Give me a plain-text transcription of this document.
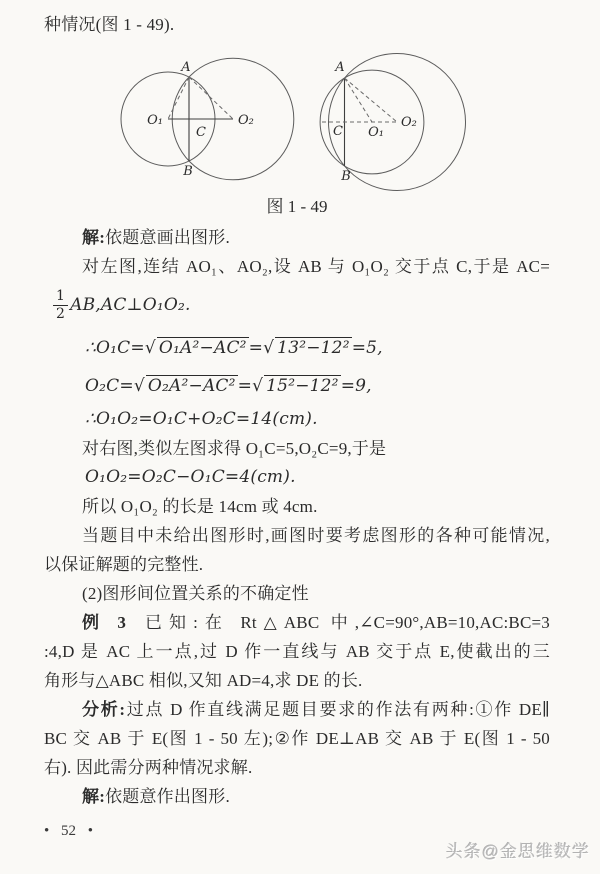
种情况(图 1 - 49).

A
B
O₁	O₂
C
A
B
C O₁
O₂

图 1 - 49

解:依题意画出图形.

对左图,连结 AO₁、AO₂,设 AB 与 O₁O₂ 交于点 C,于是 AC=

$\frac{1}{2}$ AB,AC⊥O₁O₂.

∴O₁C= √ O₁A²−AC² = √ 13²−12² =5,

O₂C= √ O₂A²−AC² = √ 15²−12² =9,

∴O₁O₂=O₁C+O₂C=14(cm).

对右图,类似左图求得 O₁C=5,O₂C=9,于是

O₁O₂=O₂C−O₁C=4(cm).

所以 O₁O₂ 的长是 14cm 或 4cm.

当题目中未给出图形时,画图时要考虑图形的各种可能情况,

以保证解题的完整性.

(2)图形间位置关系的不确定性

例 3 已知:在 Rt△ABC 中,∠C=90°,AB=10,AC:BC=3

:4,D 是 AC 上一点,过 D 作一直线与 AB 交于点 E,使截出的三

角形与△ABC 相似,又知 AD=4,求 DE 的长.

分析:过点 D 作直线满足题目要求的作法有两种:①作 DE∥

BC 交 AB 于 E(图 1 - 50 左);②作 DE⊥AB 交 AB 于 E(图 1 - 50

右). 因此需分两种情况求解.

解:依题意作出图形.

• 52 •

头条@金思维数学
